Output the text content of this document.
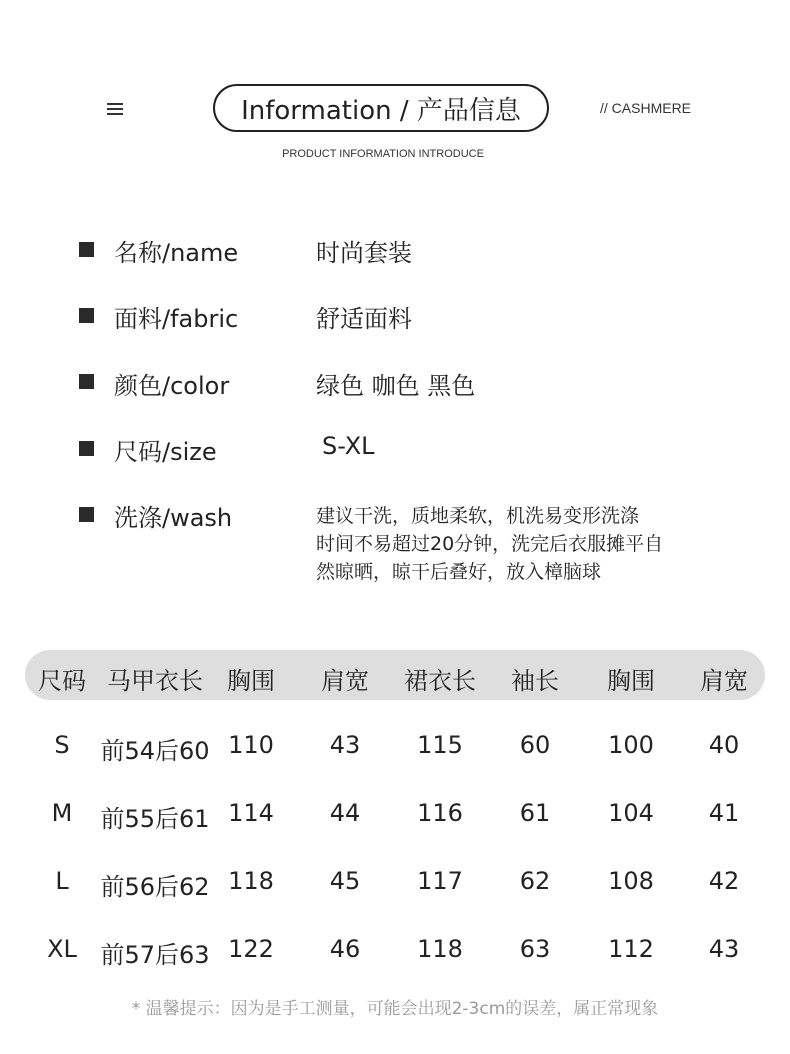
Information / 产品信息	// CASHMERE
PRODUCT INFORMATION INTRODUCE
名称/name	时尚套装
面料/fabric	舒适面料
颜色/color	绿色 咖色 黑色
尺码/size	S-XL
洗涤/wash	建议干洗，质地柔软，机洗易变形洗涤
时间不易超过20分钟，洗完后衣服摊平自
然晾晒，晾干后叠好，放入樟脑球
尺码 马甲衣长 胸围 肩宽 裙衣长 袖长 胸围 肩宽
S 前54后60 110 43 115 60 100 40
M 前55后61 114 44 116 61 104 41
L 前56后62 118 45 117 62 108 42
XL 前57后63 122 46 118 63 112 43
* 温馨提示：因为是手工测量，可能会出现2-3cm的误差，属正常现象
